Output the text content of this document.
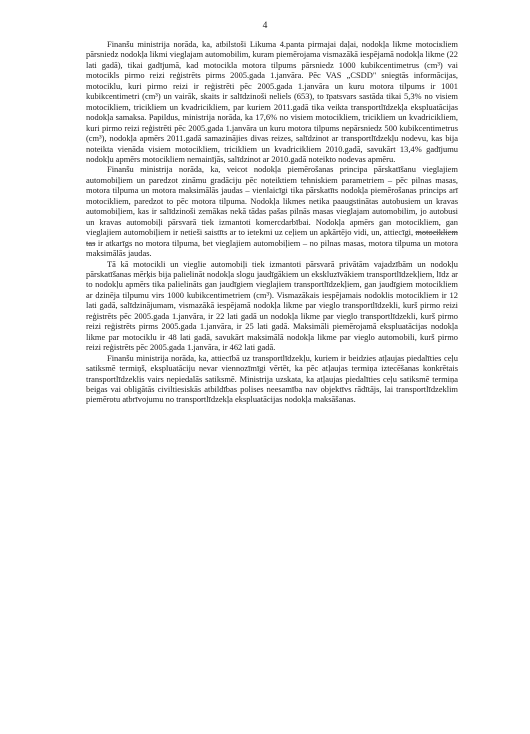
4

Finanšu ministrija norāda, ka, atbilstoši Likuma 4.panta pirmajai daļai, nodokļa likme motociкliem pārsniedz nodokļa likmi vieglajam automobilim, kuram piemērojama vismazākā iespējamā nodokļa likme (22 lati gadā), tikai gadījumā, kad motocikla motora tilpums pārsniedz 1000 kubikcentimetrus (cm³) vai motocikls pirmo reizi reģistrēts pirms 2005.gada 1.janvāra. Pēc VAS „CSDD" sniegtās informācijas, motociklu, kuri pirmo reizi ir reģistrēti pēc 2005.gada 1.janvāra un kuru motora tilpums ir 1001 kubikcentimetri (cm³) un vairāk, skaits ir salīdzinoši neliels (653), to īpatsvars sastāda tikai 5,3% no visiem motocikliem, tricikliem un kvadricikliem, par kuriem 2011.gadā tika veikta transportlīdzekļa ekspluatācijas nodokļa samaksa. Papildus, ministrija norāda, ka 17,6% no visiem motocikliem, tricikliem un kvadricikliem, kuri pirmo reizi reģistrēti pēc 2005.gada 1.janvāra un kuru motora tilpums nepārsniedz 500 kubikcentimetrus (cm³), nodokļa apmērs 2011.gadā samazinājies divas reizes, salīdzinot ar transportlīdzekļu nodevu, kas bija noteikta vienāda visiem motocikliem, tricikliem un kvadricikliem 2010.gadā, savukārt 13,4% gadījumu nodokļu apmērs motocikliem nemainījās, salīdzinot ar 2010.gadā noteikto nodevas apmēru.

Finanšu ministrija norāda, ka, veicot nodokļa piemērošanas principa pārskatīšanu vieglajiem automobiļiem un paredzot zināmu gradāciju pēc noteiktiem tehniskiem parametriem – pēc pilnas masas, motora tilpuma un motora maksimālās jaudas – vienlaicīgi tika pārskatīts nodokļa piemērošanas princips arī motocikliem, paredzot to pēc motora tilpuma. Nodokļa likmes netika paaugstinātas autobusiem un kravas automobiļiem, kas ir salīdzinoši zemākas nekā tādas pašas pilnās masas vieglajam automobilim, jo autobusi un kravas automobiļi pārsvarā tiek izmantoti komercdarbībai. Nodokļa apmērs gan motocikliem, gan vieglajiem automobiļiem ir netieši saistīts ar to ietekmi uz ceļiem un apkārtējo vidi, un, attiecīgi, motocikliem tas ir atkarīgs no motora tilpuma, bet vieglajiem automobiļiem – no pilnas masas, motora tilpuma un motora maksimālās jaudas.

Tā kā motocikli un vieglie automobiļi tiek izmantoti pārsvarā privātām vajadzībām un nodokļu pārskatīšanas mērķis bija palielināt nodokļa slogu jaudīgākiem un ekskluzīvākiem transportlīdzekļiem, līdz ar to nodokļu apmērs tika palielināts gan jaudīgiem vieglajiem transportlīdzekļiem, gan jaudīgiem motocikliem ar dzinēja tilpumu virs 1000 kubikcentimetriem (cm³). Vismazākais iespējamais nodoklis motocikliem ir 12 lati gadā, salīdzinājumam, vismazākā iespējamā nodokļa likme par vieglo transportlīdzekli, kurš pirmo reizi reģistrēts pēc 2005.gada 1.janvāra, ir 22 lati gadā un nodokļa likme par vieglo transportlīdzekli, kurš pirmo reizi reģistrēts pirms 2005.gada 1.janvāra, ir 25 lati gadā. Maksimāli piemērojamā ekspluatācijas nodokļa likme par motociklu ir 48 lati gadā, savukārt maksimālā nodokļa likme par vieglo automobili, kurš pirmo reizi reģistrēts pēc 2005.gada 1.janvāra, ir 462 lati gadā.

Finanšu ministrija norāda, ka, attiecībā uz transportlīdzekļu, kuriem ir beidzies atļaujas piedalīties ceļu satiksmē termiņš, ekspluatāciju nevar viennozīmīgi vērtēt, ka pēc atļaujas termiņa iztecēšanas konkrētais transportlīdzeklis vairs nepiedalās satiksmē. Ministrija uzskata, ka atļaujas piedalīties ceļu satiksmē termiņa beigas vai obligātās civiltiesiskās atbildības polises neesamība nav objektīvs rādītājs, lai transportlīdzeklim piemērotu atbrīvojumu no transportlīdzekļa ekspluatācijas nodokļa maksāšanas.
